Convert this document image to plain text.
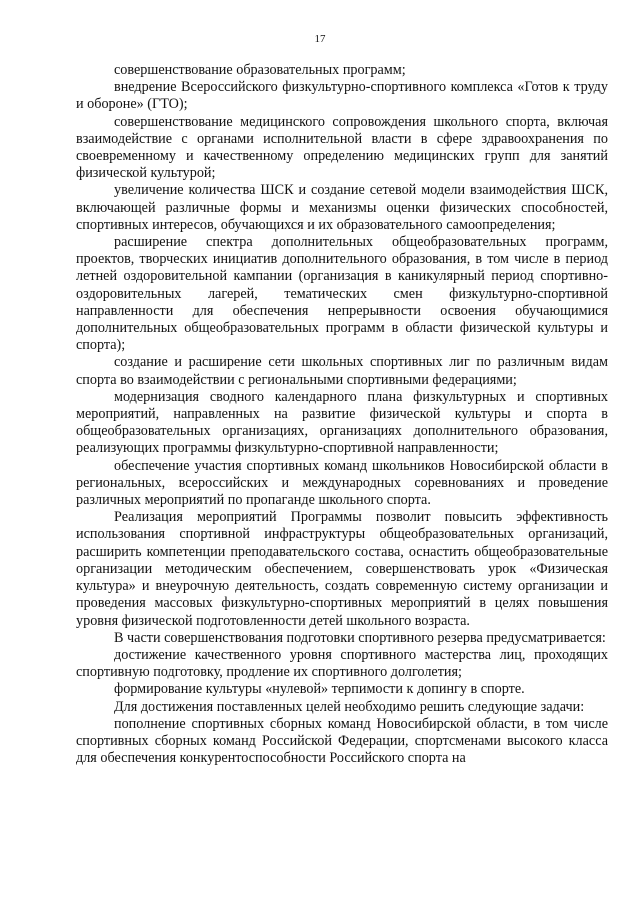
17

совершенствование образовательных программ;

внедрение Всероссийского физкультурно-спортивного комплекса «Готов к труду и обороне» (ГТО);

совершенствование медицинского сопровождения школьного спорта, включая взаимодействие с органами исполнительной власти в сфере здравоохранения по своевременному и качественному определению медицинских групп для занятий физической культурой;

увеличение количества ШСК и создание сетевой модели взаимодействия ШСК, включающей различные формы и механизмы оценки физических способностей, спортивных интересов, обучающихся и их образовательного самоопределения;

расширение спектра дополнительных общеобразовательных программ, проектов, творческих инициатив дополнительного образования, в том числе в период летней оздоровительной кампании (организация в каникулярный период спортивно-оздоровительных лагерей, тематических смен физкультурно-спортивной направленности для обеспечения непрерывности освоения обучающимися дополнительных общеобразовательных программ в области физической культуры и спорта);

создание и расширение сети школьных спортивных лиг по различным видам спорта во взаимодействии с региональными спортивными федерациями;

модернизация сводного календарного плана физкультурных и спортивных мероприятий, направленных на развитие физической культуры и спорта в общеобразовательных организациях, организациях дополнительного образования, реализующих программы физкультурно-спортивной направленности;

обеспечение участия спортивных команд школьников Новосибирской области в региональных, всероссийских и международных соревнованиях и проведение различных мероприятий по пропаганде школьного спорта.

Реализация мероприятий Программы позволит повысить эффективность использования спортивной инфраструктуры общеобразовательных организаций, расширить компетенции преподавательского состава, оснастить общеобразовательные организации методическим обеспечением, совершенствовать урок «Физическая культура» и внеурочную деятельность, создать современную систему организации и проведения массовых физкультурно-спортивных мероприятий в целях повышения уровня физической подготовленности детей школьного возраста.

В части совершенствования подготовки спортивного резерва предусматривается:

достижение качественного уровня спортивного мастерства лиц, проходящих спортивную подготовку, продление их спортивного долголетия;

формирование культуры «нулевой» терпимости к допингу в спорте.

Для достижения поставленных целей необходимо решить следующие задачи:

пополнение спортивных сборных команд Новосибирской области, в том числе спортивных сборных команд Российской Федерации, спортсменами высокого класса для обеспечения конкурентоспособности Российского спорта на
